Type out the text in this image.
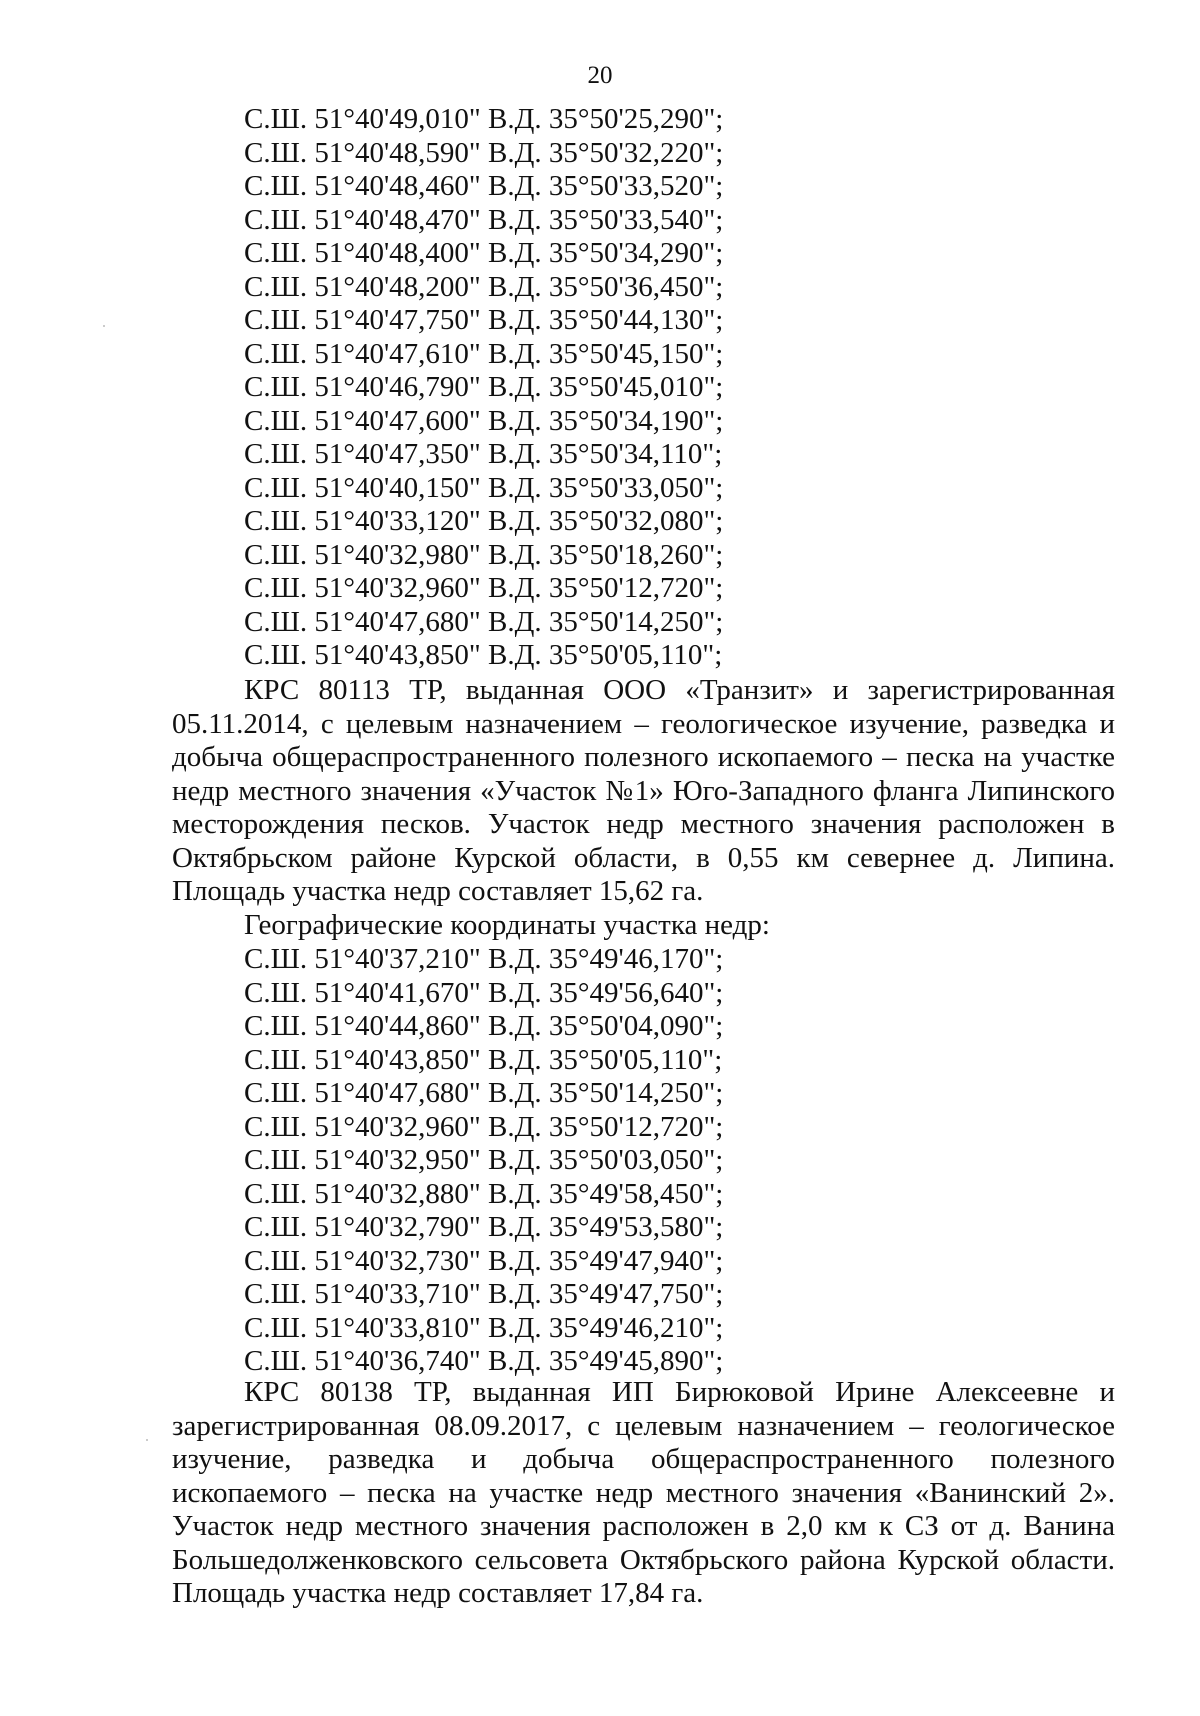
20
С.Ш. 51°40'49,010" В.Д. 35°50'25,290";
С.Ш. 51°40'48,590" В.Д. 35°50'32,220";
С.Ш. 51°40'48,460" В.Д. 35°50'33,520";
С.Ш. 51°40'48,470" В.Д. 35°50'33,540";
С.Ш. 51°40'48,400" В.Д. 35°50'34,290";
С.Ш. 51°40'48,200" В.Д. 35°50'36,450";
С.Ш. 51°40'47,750" В.Д. 35°50'44,130";
С.Ш. 51°40'47,610" В.Д. 35°50'45,150";
С.Ш. 51°40'46,790" В.Д. 35°50'45,010";
С.Ш. 51°40'47,600" В.Д. 35°50'34,190";
С.Ш. 51°40'47,350" В.Д. 35°50'34,110";
С.Ш. 51°40'40,150" В.Д. 35°50'33,050";
С.Ш. 51°40'33,120" В.Д. 35°50'32,080";
С.Ш. 51°40'32,980" В.Д. 35°50'18,260";
С.Ш. 51°40'32,960" В.Д. 35°50'12,720";
С.Ш. 51°40'47,680" В.Д. 35°50'14,250";
С.Ш. 51°40'43,850" В.Д. 35°50'05,110";

КРС 80113 ТР, выданная ООО «Транзит» и зарегистрированная 05.11.2014, с целевым назначением – геологическое изучение, разведка и добыча общераспространенного полезного ископаемого – песка на участке недр местного значения «Участок №1» Юго-Западного фланга Липинского месторождения песков. Участок недр местного значения расположен в Октябрьском районе Курской области, в 0,55 км севернее д. Липина. Площадь участка недр составляет 15,62 га.

Географические координаты участка недр:
С.Ш. 51°40'37,210" В.Д. 35°49'46,170";
С.Ш. 51°40'41,670" В.Д. 35°49'56,640";
С.Ш. 51°40'44,860" В.Д. 35°50'04,090";
С.Ш. 51°40'43,850" В.Д. 35°50'05,110";
С.Ш. 51°40'47,680" В.Д. 35°50'14,250";
С.Ш. 51°40'32,960" В.Д. 35°50'12,720";
С.Ш. 51°40'32,950" В.Д. 35°50'03,050";
С.Ш. 51°40'32,880" В.Д. 35°49'58,450";
С.Ш. 51°40'32,790" В.Д. 35°49'53,580";
С.Ш. 51°40'32,730" В.Д. 35°49'47,940";
С.Ш. 51°40'33,710" В.Д. 35°49'47,750";
С.Ш. 51°40'33,810" В.Д. 35°49'46,210";
С.Ш. 51°40'36,740" В.Д. 35°49'45,890";

КРС 80138 ТР, выданная ИП Бирюковой Ирине Алексеевне и зарегистрированная 08.09.2017, с целевым назначением – геологическое изучение, разведка и добыча общераспространенного полезного ископаемого – песка на участке недр местного значения «Ванинский 2». Участок недр местного значения расположен в 2,0 км к СЗ от д. Ванина Большедолженковского сельсовета Октябрьского района Курской области. Площадь участка недр составляет 17,84 га.
